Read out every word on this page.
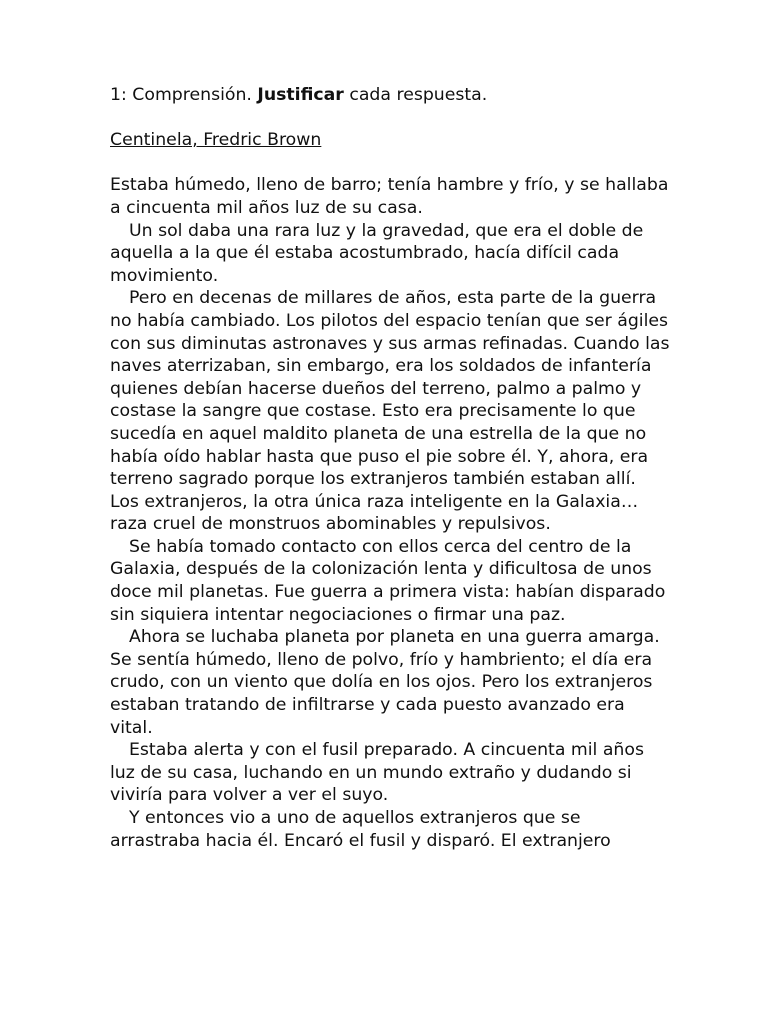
1: Comprensión. Justificar cada respuesta.

Centinela, Fredric Brown

Estaba húmedo, lleno de barro; tenía hambre y frío, y se hallaba a cincuenta mil años luz de su casa.

Un sol daba una rara luz y la gravedad, que era el doble de aquella a la que él estaba acostumbrado, hacía difícil cada movimiento.

Pero en decenas de millares de años, esta parte de la guerra no había cambiado. Los pilotos del espacio tenían que ser ágiles con sus diminutas astronaves y sus armas refinadas. Cuando las naves aterrizaban, sin embargo, era los soldados de infantería quienes debían hacerse dueños del terreno, palmo a palmo y costase la sangre que costase. Esto era precisamente lo que sucedía en aquel maldito planeta de una estrella de la que no había oído hablar hasta que puso el pie sobre él. Y, ahora, era terreno sagrado porque los extranjeros también estaban allí. Los extranjeros, la otra única raza inteligente en la Galaxia… raza cruel de monstruos abominables y repulsivos.

Se había tomado contacto con ellos cerca del centro de la Galaxia, después de la colonización lenta y dificultosa de unos doce mil planetas. Fue guerra a primera vista: habían disparado sin siquiera intentar negociaciones o firmar una paz.

Ahora se luchaba planeta por planeta en una guerra amarga. Se sentía húmedo, lleno de polvo, frío y hambriento; el día era crudo, con un viento que dolía en los ojos. Pero los extranjeros estaban tratando de infiltrarse y cada puesto avanzado era vital.

Estaba alerta y con el fusil preparado. A cincuenta mil años luz de su casa, luchando en un mundo extraño y dudando si viviría para volver a ver el suyo.

Y entonces vio a uno de aquellos extranjeros que se arrastraba hacia él. Encaró el fusil y disparó. El extranjero
